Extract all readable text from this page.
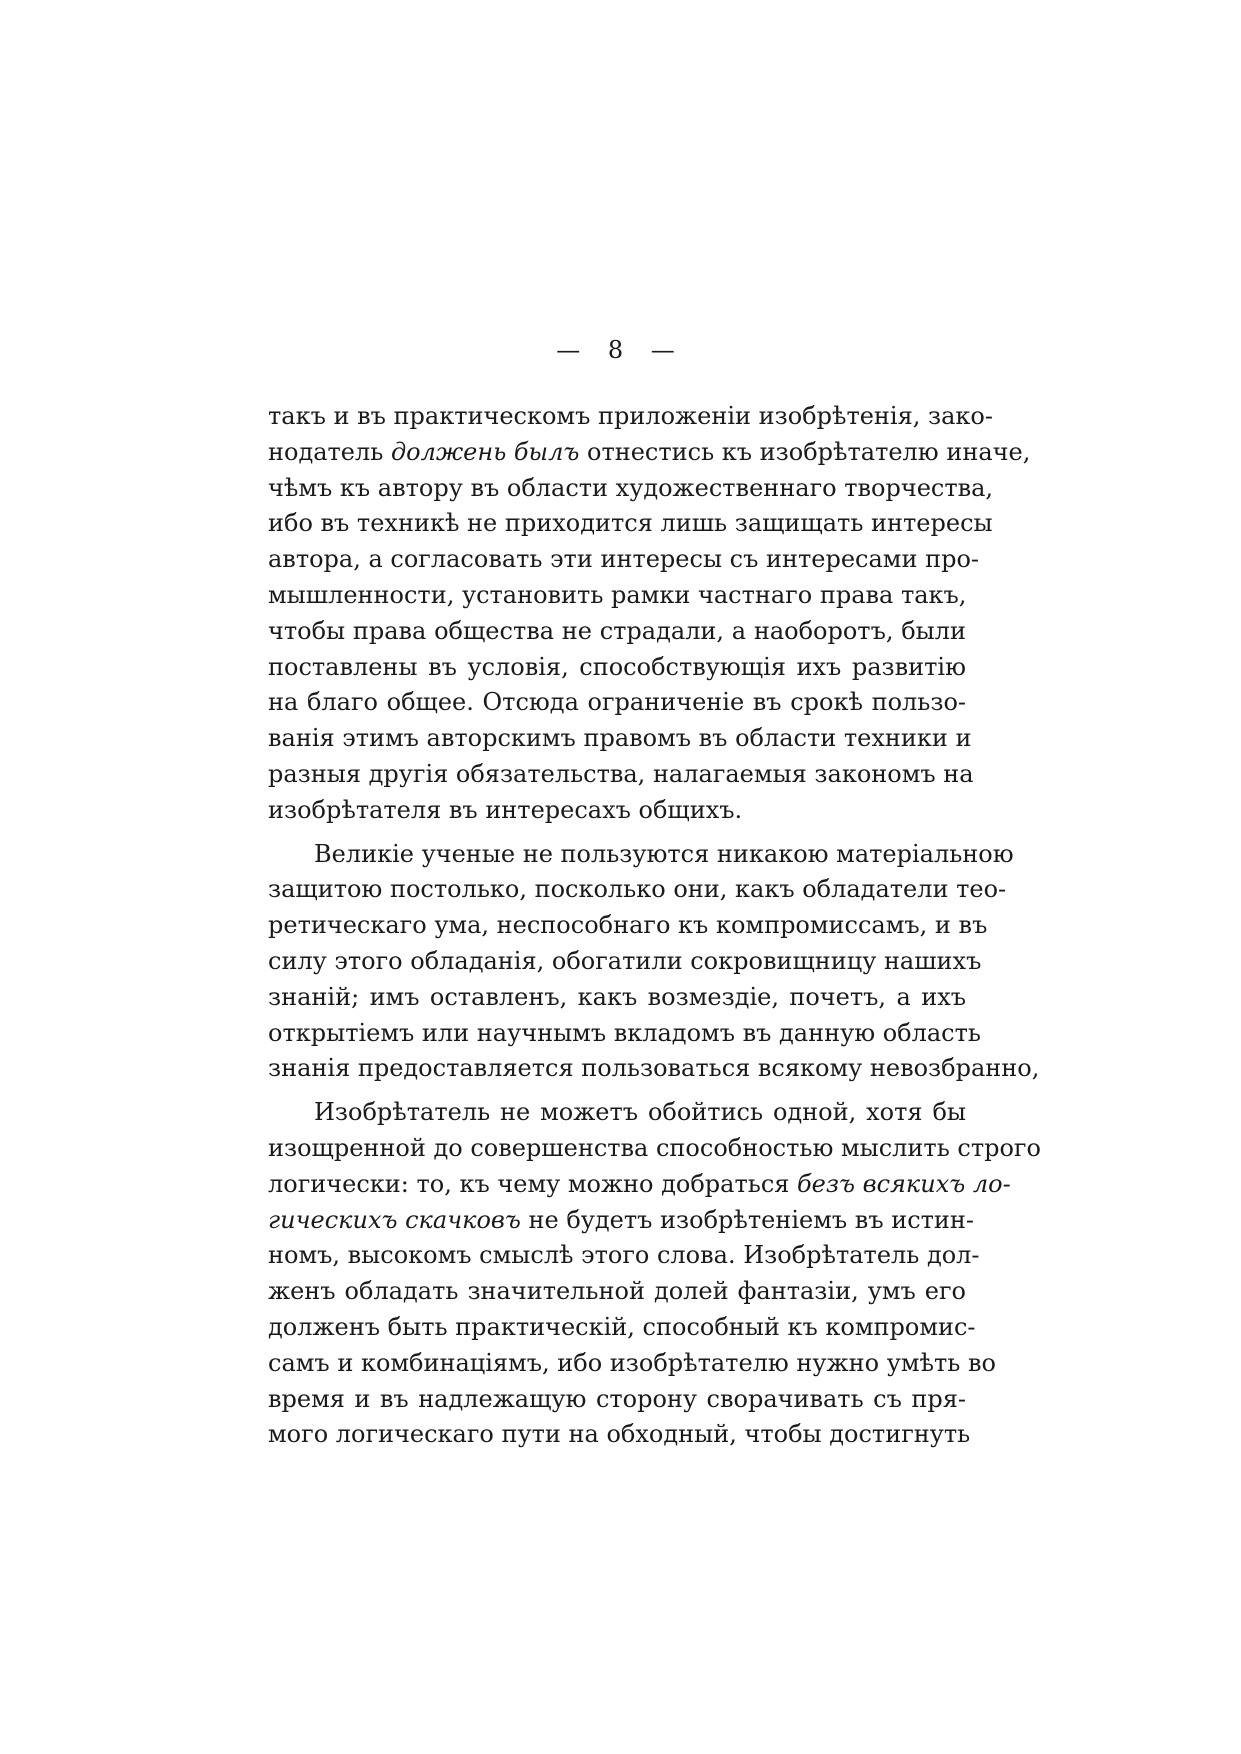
— 8 —
такъ и въ практическомъ приложенiи изобрѣтенiя, зако-
нодатель должень былъ отнестись къ изобрѣтателю иначе,
чѣмъ къ автору въ области художественнаго творчества,
ибо въ техникѣ не приходится лишь защищать интересы
автора, а согласовать эти интересы съ интересами про-
мышленности, установить рамки частнаго права такъ,
чтобы права общества не страдали, а наоборотъ, были
поставлены въ условiя, способствующiя ихъ развитiю
на благо общее. Отсюда ограниченiе въ срокѣ пользо-
ванiя этимъ авторскимъ правомъ въ области техники и
разныя другiя обязательства, налагаемыя закономъ на
изобрѣтателя въ интересахъ общихъ.
Великiе ученые не пользуются никакою матерiальною
защитою постолько, посколько они, какъ обладатели тео-
ретическаго ума, неспособнаго къ компромиссамъ, и въ
силу этого обладанiя, обогатили сокровищницу нашихъ
знанiй; имъ оставленъ, какъ возмездiе, почетъ, а ихъ
открытiемъ или научнымъ вкладомъ въ данную область
знанiя предоставляется пользоваться всякому невозбранно,
Изобрѣтатель не можетъ обойтись одной, хотя бы
изощренной до совершенства способностью мыслить строго
логически: то, къ чему можно добраться безъ всякихъ ло-
гическихъ скачковъ не будетъ изобрѣтенiемъ въ истин-
номъ, высокомъ смыслѣ этого слова. Изобрѣтатель дол-
женъ обладать значительной долей фантазiи, умъ его
долженъ быть практическiй, способный къ компромис-
самъ и комбинацiямъ, ибо изобрѣтателю нужно умѣть во
время и въ надлежащую сторону сворачивать съ пря-
мого логическаго пути на обходный, чтобы достигнуть
